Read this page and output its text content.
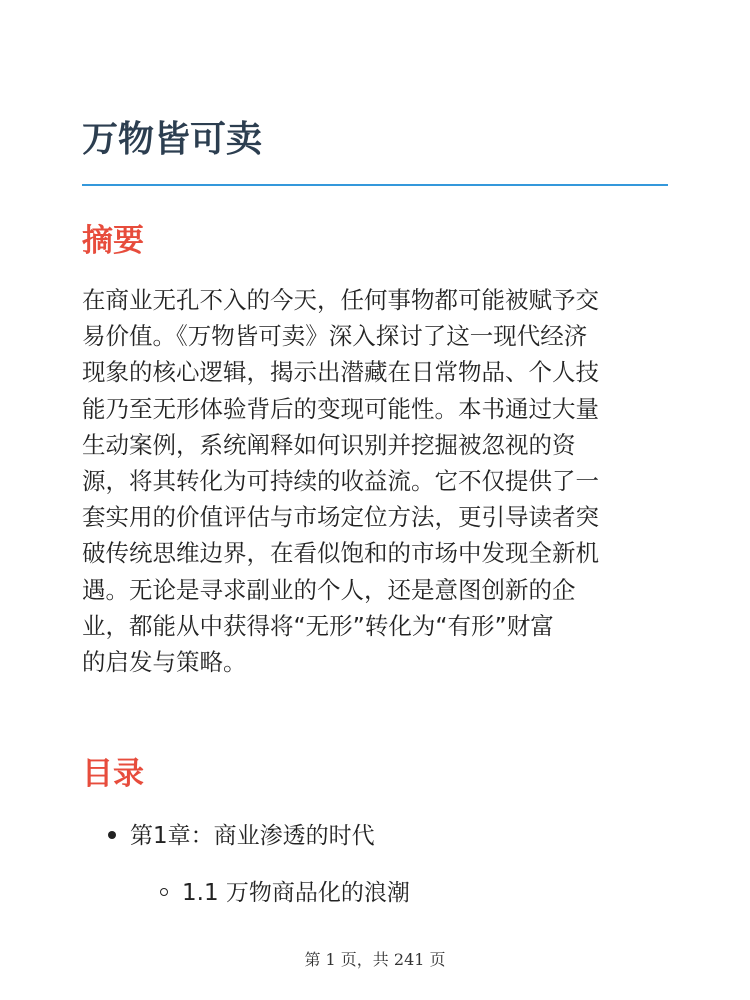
万物皆可卖
摘要

在商业无孔不入的今天，任何事物都可能被赋予交
易价值。《万物皆可卖》深入探讨了这一现代经济
现象的核心逻辑，揭示出潜藏在日常物品、个人技
能乃至无形体验背后的变现可能性。本书通过大量
生动案例，系统阐释如何识别并挖掘被忽视的资
源，将其转化为可持续的收益流。它不仅提供了一
套实用的价值评估与市场定位方法，更引导读者突
破传统思维边界，在看似饱和的市场中发现全新机
遇。无论是寻求副业的个人，还是意图创新的企
业，都能从中获得将“无形”转化为“有形”财富
的启发与策略。

目录
第1章：商业渗透的时代
1.1 万物商品化的浪潮
第 1 页，共 241 页
